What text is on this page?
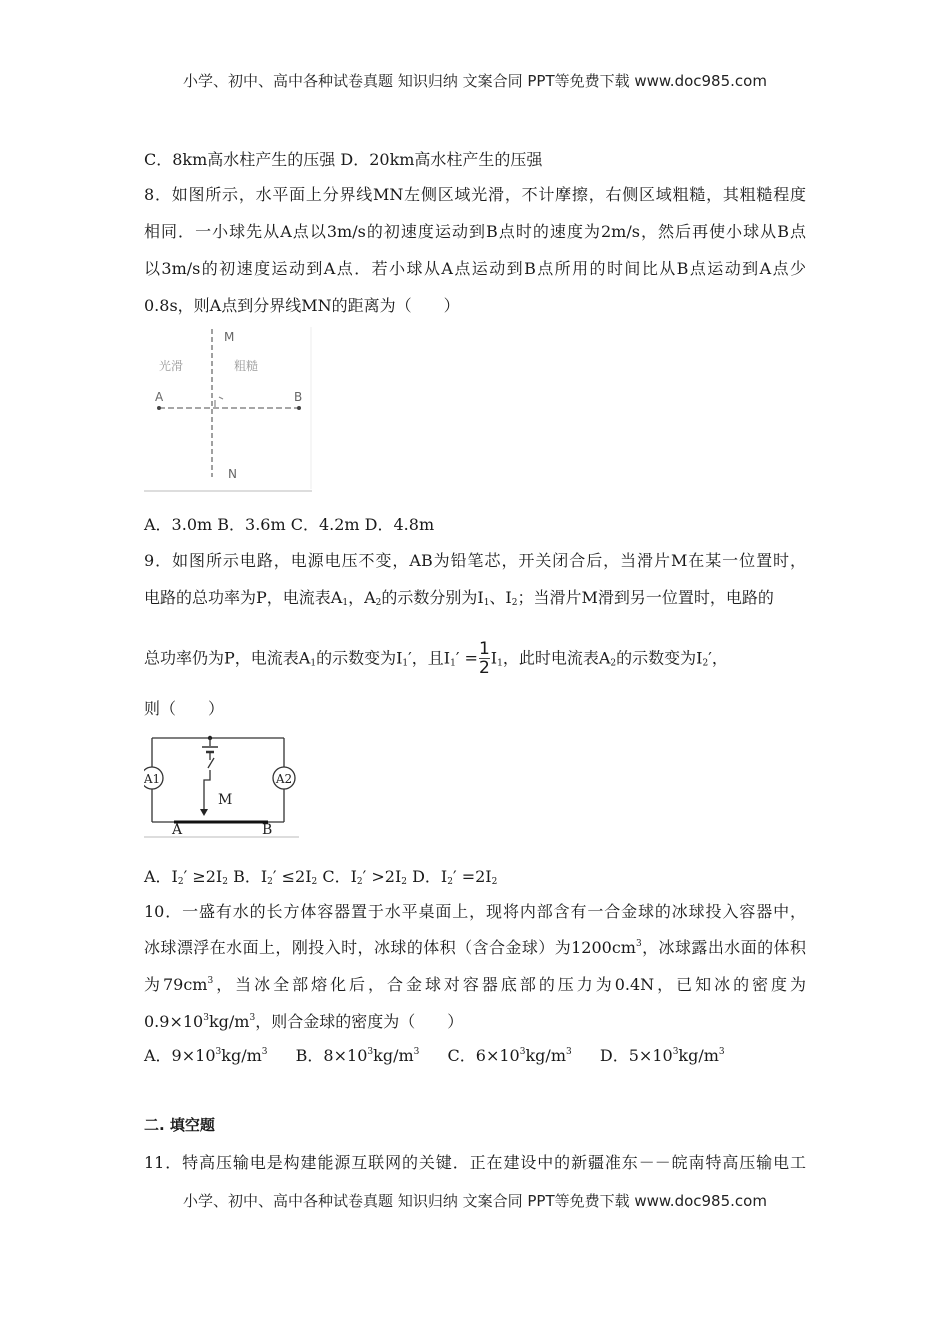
小学、初中、高中各种试卷真题 知识归纳 文案合同 PPT等免费下载 www.doc985.com
C．8km高水柱产生的压强 D．20km高水柱产生的压强
8．如图所示，水平面上分界线MN左侧区域光滑，不计摩擦，右侧区域粗糙，其粗糙程度
相同．一小球先从A点以3m/s的初速度运动到B点时的速度为2m/s，然后再使小球从B点
以3m/s的初速度运动到A点．若小球从A点运动到B点所用的时间比从B点运动到A点少
0.8s，则A点到分界线MN的距离为（　　）
M
N
A	B
光滑	粗糙
A．3.0m B．3.6m C．4.2m D．4.8m
9．如图所示电路，电源电压不变，AB为铅笔芯，开关闭合后，当滑片M在某一位置时，
电路的总功率为P，电流表$A_1$，$A_2$的示数分别为$I_1$、$I_2$；当滑片M滑到另一位置时，电路的
总功率仍为P，电流表$A_1$的示数变为$I_1'$，且$I_1' = \frac{1}{2} I_1$，此时电流表$A_2$的示数变为$I_2'$，
则（　　）
A1	A2
M
A	B
A．$I_2' \ge 2I_2$ B．$I_2' \le 2I_2$ C．$I_2' >2I_2$ D．$I_2' =2I_2$
10．一盛有水的长方体容器置于水平桌面上，现将内部含有一合金球的冰球投入容器中，
冰球漂浮在水面上，刚投入时，冰球的体积（含合金球）为$1200cm^3$，冰球露出水面的体积
为$79cm^3$，当冰全部熔化后，合金球对容器底部的压力为0.4N，已知冰的密度为
$0.9\times 10^3kg/m^3$，则合金球的密度为（　　）
A．$9\times 10^3kg/m^3$ B．$8\times 10^3kg/m^3$ C．$6\times 10^3kg/m^3$ D．$5\times 10^3kg/m^3$
二. 填空题
11．特高压输电是构建能源互联网的关键．正在建设中的新疆准东－－皖南特高压输电工
小学、初中、高中各种试卷真题 知识归纳 文案合同 PPT等免费下载 www.doc985.com
